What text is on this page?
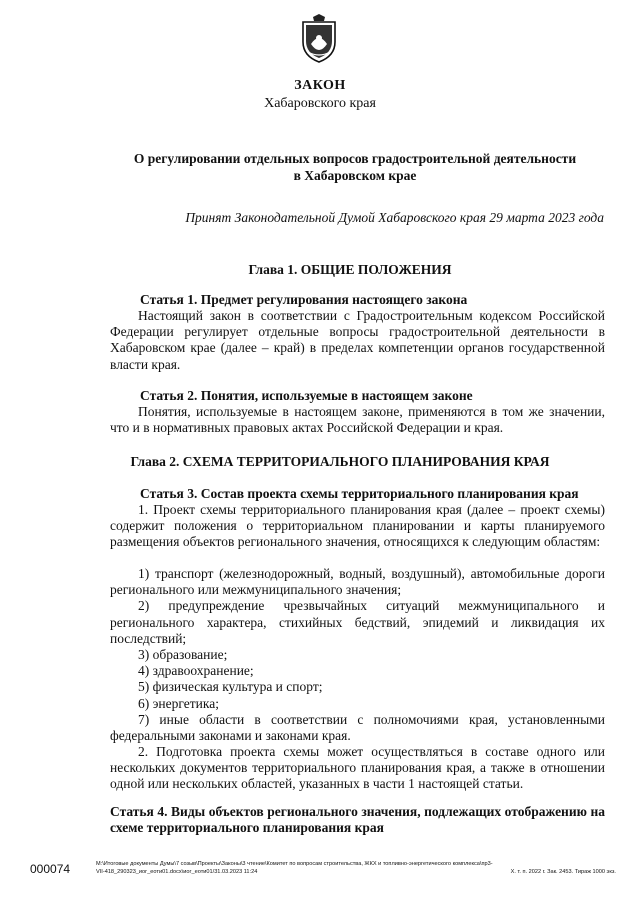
ЗАКОН
Хабаровского края
О регулировании отдельных вопросов градостроительной деятельности
в Хабаровском крае
Принят Законодательной Думой Хабаровского края 29 марта 2023 года
Глава 1. ОБЩИЕ ПОЛОЖЕНИЯ
Статья 1. Предмет регулирования настоящего закона
Настоящий закон в соответствии с Градостроительным кодексом Российской Федерации регулирует отдельные вопросы градостроительной деятельности в Хабаровском крае (далее – край) в пределах компетенции органов государственной власти края.
Статья 2. Понятия, используемые в настоящем законе
Понятия, используемые в настоящем законе, применяются в том же значении, что и в нормативных правовых актах Российской Федерации и края.
Глава 2. СХЕМА ТЕРРИТОРИАЛЬНОГО ПЛАНИРОВАНИЯ КРАЯ
Статья 3. Состав проекта схемы территориального планирования края
1. Проект схемы территориального планирования края (далее – проект схемы) содержит положения о территориальном планировании и карты планируемого размещения объектов регионального значения, относящихся к следующим областям:
1) транспорт (железнодорожный, водный, воздушный), автомобильные дороги регионального или межмуниципального значения;
2) предупреждение чрезвычайных ситуаций межмуниципального и регионального характера, стихийных бедствий, эпидемий и ликвидация их последствий;
3) образование;
4) здравоохранение;
5) физическая культура и спорт;
6) энергетика;
7) иные области в соответствии с полномочиями края, установленными федеральными законами и законами края.
2. Подготовка проекта схемы может осуществляться в составе одного или нескольких документов территориального планирования края, а также в отношении одной или нескольких областей, указанных в части 1 настоящей статьи.
Статья 4. Виды объектов регионального значения, подлежащих отображению на схеме территориального планирования края
000074	М:\Итоговые документы Думы\7 созыв\Проекты\Законы\3 чтение\Комитет по вопросам строительства, ЖКХ и топливно-энергетического комплекса\пр3-
VII-418_290323_иог_еоти01.docx\иог_еоти01/31.03.2023 11:24	Х. т. п. 2022 г. Зак. 2453. Тираж 1000 экз.
